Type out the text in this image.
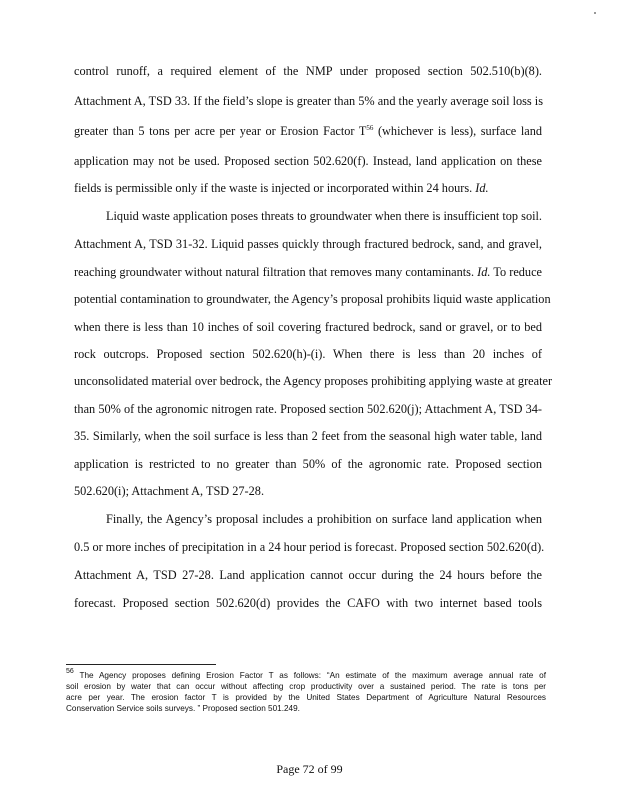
control runoff, a required element of the NMP under proposed section 502.510(b)(8).
Attachment A, TSD 33. If the field’s slope is greater than 5% and the yearly average soil loss is
greater than 5 tons per acre per year or Erosion Factor $T^{56}$ (whichever is less), surface land
application may not be used. Proposed section 502.620(f). Instead, land application on these
fields is permissible only if the waste is injected or incorporated within 24 hours. Id.
Liquid waste application poses threats to groundwater when there is insufficient top soil.
Attachment A, TSD 31-32. Liquid passes quickly through fractured bedrock, sand, and gravel,
reaching groundwater without natural filtration that removes many contaminants. Id. To reduce
potential contamination to groundwater, the Agency’s proposal prohibits liquid waste application
when there is less than 10 inches of soil covering fractured bedrock, sand or gravel, or to bed
rock outcrops. Proposed section 502.620(h)-(i). When there is less than 20 inches of
unconsolidated material over bedrock, the Agency proposes prohibiting applying waste at greater
than 50% of the agronomic nitrogen rate. Proposed section 502.620(j); Attachment A, TSD 34-
35. Similarly, when the soil surface is less than 2 feet from the seasonal high water table, land
application is restricted to no greater than 50% of the agronomic rate. Proposed section
502.620(i); Attachment A, TSD 27-28.
Finally, the Agency’s proposal includes a prohibition on surface land application when
0.5 or more inches of precipitation in a 24 hour period is forecast. Proposed section 502.620(d).
Attachment A, TSD 27-28. Land application cannot occur during the 24 hours before the
forecast. Proposed section 502.620(d) provides the CAFO with two internet based tools
$^{56}$ The Agency proposes defining Erosion Factor T as follows: “An estimate of the maximum average annual rate of
soil erosion by water that can occur without affecting crop productivity over a sustained period. The rate is tons per
acre per year. The erosion factor T is provided by the United States Department of Agriculture Natural Resources
Conservation Service soils surveys. ” Proposed section 501.249.
Page 72 of 99
